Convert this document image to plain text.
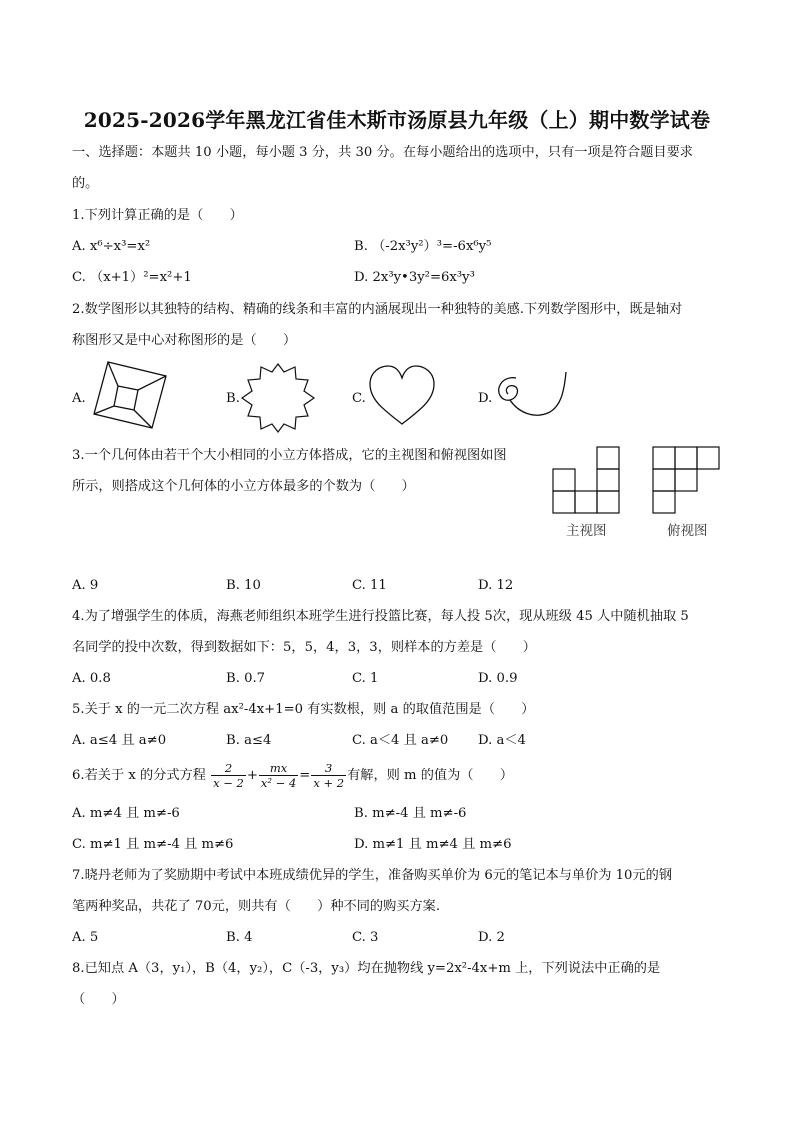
2025-2026学年黑龙江省佳木斯市汤原县九年级（上）期中数学试卷
一、选择题：本题共 10 小题，每小题 3 分，共 30 分。在每小题给出的选项中，只有一项是符合题目要求
的。
1.下列计算正确的是（　　）
A. x⁶÷x³=x²	B. （-2x³y²）³=-6x⁶y⁵
C. （x+1）²=x²+1	D. 2x³y•3y²=6x³y³
2.数学图形以其独特的结构、精确的线条和丰富的内涵展现出一种独特的美感.下列数学图形中，既是轴对
称图形又是中心对称图形的是（　　）
A.	B.	C.	D.
3.一个几何体由若干个大小相同的小立方体搭成，它的主视图和俯视图如图
所示，则搭成这个几何体的小立方体最多的个数为（　　）
主视图	俯视图
A. 9	B. 10	C. 11	D. 12
4.为了增强学生的体质，海燕老师组织本班学生进行投篮比赛，每人投 5次，现从班级 45 人中随机抽取 5
名同学的投中次数，得到数据如下：5，5，4，3，3，则样本的方差是（　　）
A. 0.8	B. 0.7	C. 1	D. 0.9
5.关于 x 的一元二次方程 ax²-4x+1=0 有实数根，则 a 的取值范围是（　　）
A. a≤4 且 a≠0	B. a≤4	C. a＜4 且 a≠0 D. a＜4
6.若关于 x 的分式方程 $\frac{2}{x - 2} + \frac{mx}{\text{x² − 4}} = \frac{3}{x + 2}$ 有解，则 m 的值为（　　）
A. m≠4 且 m≠-6	B. m≠-4 且 m≠-6
C. m≠1 且 m≠-4 且 m≠6	D. m≠1 且 m≠4 且 m≠6
7.晓丹老师为了奖励期中考试中本班成绩优异的学生，准备购买单价为 6元的笔记本与单价为 10元的钢
笔两种奖品，共花了 70元，则共有（　　）种不同的购买方案.
A. 5	B. 4	C. 3	D. 2
8.已知点 A（3，y₁），B（4，y₂），C（-3，y₃）均在抛物线 y=2x²-4x+m 上，下列说法中正确的是
（　　）
